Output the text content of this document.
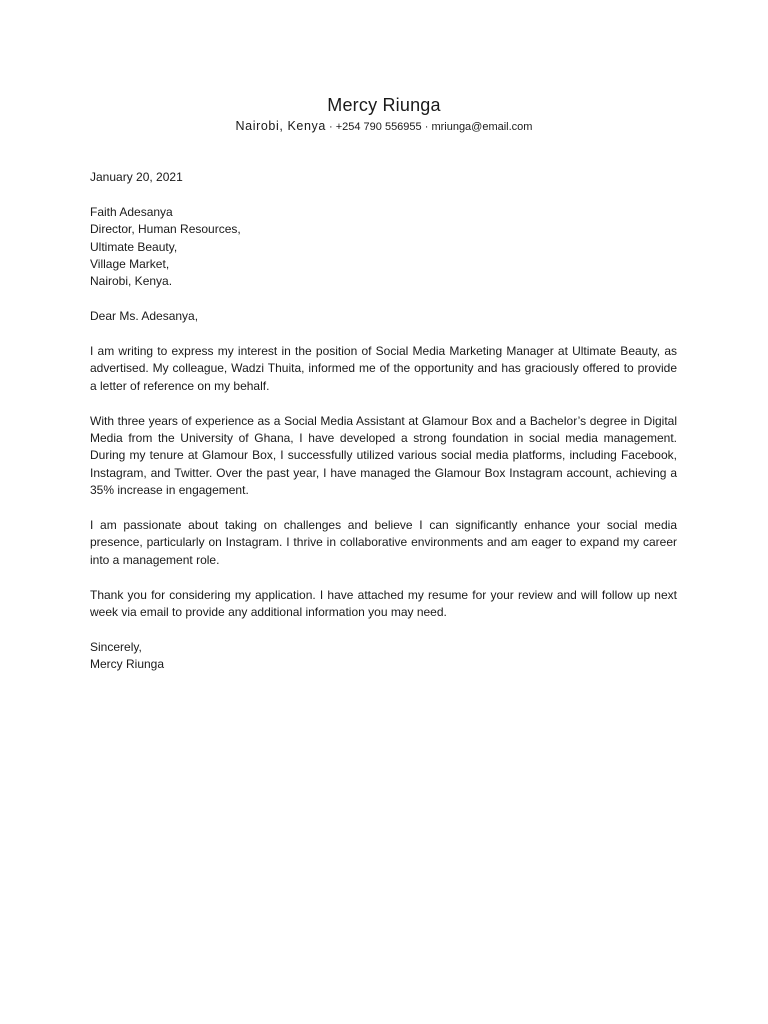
Mercy Riunga
Nairobi, Kenya · +254 790 556955 · mriunga@email.com
January 20, 2021
Faith Adesanya
Director, Human Resources,
Ultimate Beauty,
Village Market,
Nairobi, Kenya.
Dear Ms. Adesanya,
I am writing to express my interest in the position of Social Media Marketing Manager at Ultimate Beauty, as advertised. My colleague, Wadzi Thuita, informed me of the opportunity and has graciously offered to provide a letter of reference on my behalf.
With three years of experience as a Social Media Assistant at Glamour Box and a Bachelor’s degree in Digital Media from the University of Ghana, I have developed a strong foundation in social media management. During my tenure at Glamour Box, I successfully utilized various social media platforms, including Facebook, Instagram, and Twitter. Over the past year, I have managed the Glamour Box Instagram account, achieving a 35% increase in engagement.
I am passionate about taking on challenges and believe I can significantly enhance your social media presence, particularly on Instagram. I thrive in collaborative environments and am eager to expand my career into a management role.
Thank you for considering my application. I have attached my resume for your review and will follow up next week via email to provide any additional information you may need.
Sincerely,
Mercy Riunga
